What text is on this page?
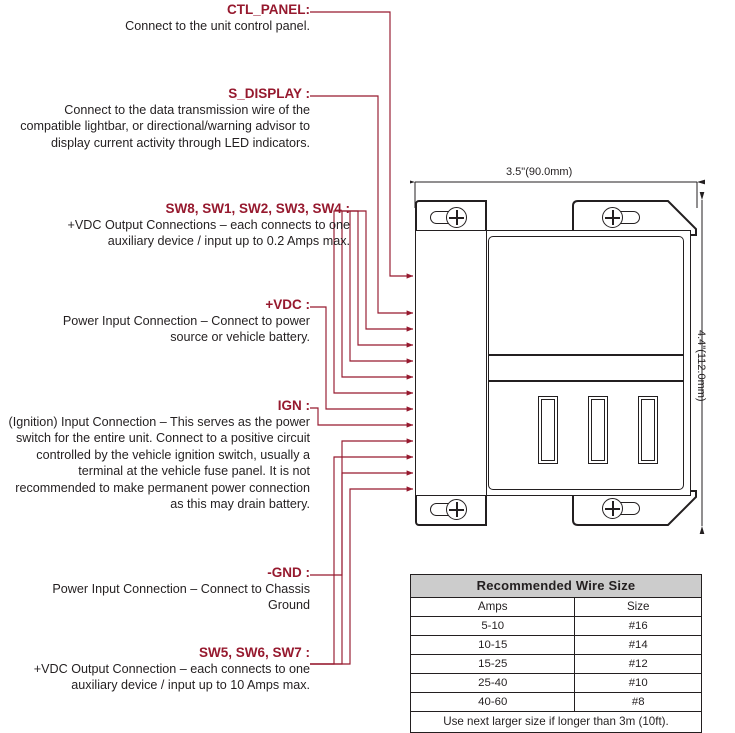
CTL_PANEL:
Connect to the unit control panel.
S_DISPLAY :
Connect to the data transmission wire of the compatible lightbar, or directional/warning advisor to display current activity through LED indicators.
SW8, SW1, SW2, SW3, SW4 :
+VDC Output Connections – each connects to one auxiliary device / input up to 0.2 Amps max.
+VDC :
Power Input Connection – Connect to power source or vehicle battery.
IGN :
(Ignition) Input Connection – This serves as the power switch for the entire unit. Connect to a positive circuit controlled by the vehicle ignition switch, usually a terminal at the vehicle fuse panel. It is not recommended to make permanent power connection as this may drain battery.
-GND :
Power Input Connection – Connect to Chassis Ground
SW5, SW6, SW7 :
+VDC Output Connection – each connects to one auxiliary device / input up to 10 Amps max.
3.5"(90.0mm)
4.4"(112.0mm)
Recommended Wire Size	
Amps	Size
5-10	#16
10-15	#14
15-25	#12
25-40	#10
40-60	#8
Use next larger size if longer than 3m (10ft).	
